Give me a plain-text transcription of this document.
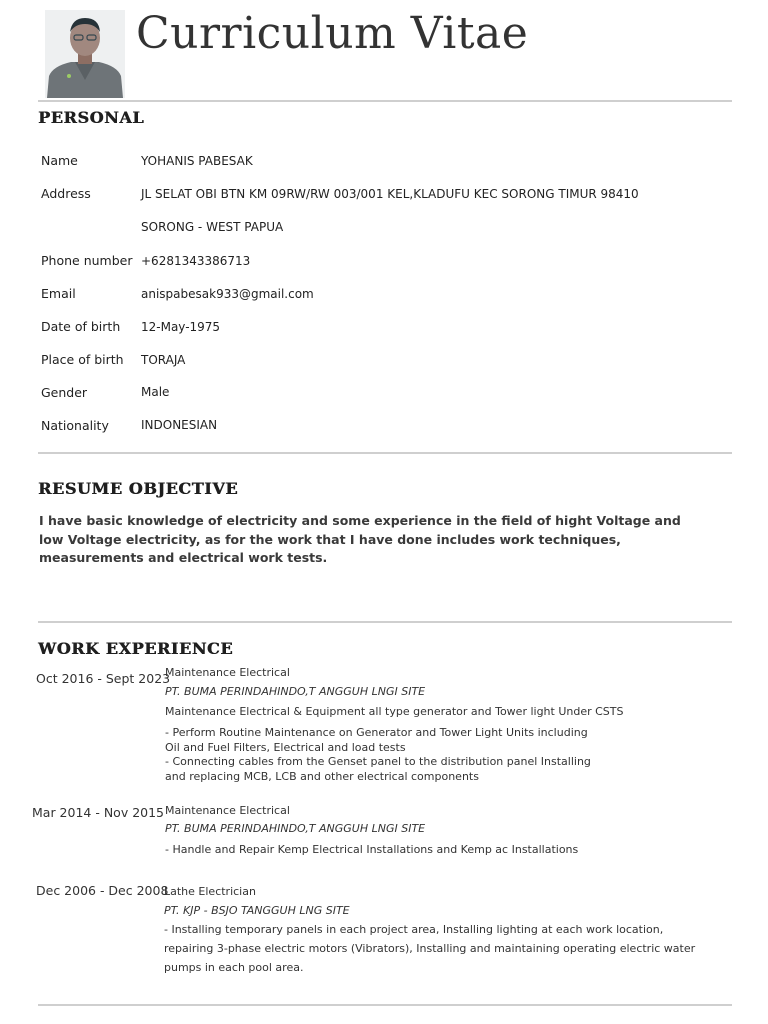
Curriculum Vitae
PERSONAL
Name	YOHANIS PABESAK
Address	JL SELAT OBI BTN KM 09RW/RW 003/001 KEL,KLADUFU KEC SORONG TIMUR 98410
SORONG - WEST PAPUA
Phone number +6281343386713
Email	anispabesak933@gmail.com
Date of birth 12-May-1975
Place of birth TORAJA
Gender	Male
Nationality	INDONESIAN
RESUME OBJECTIVE
I have basic knowledge of electricity and some experience in the field of hight Voltage and low Voltage electricity, as for the work that I have done includes work techniques, measurements and electrical work tests.
WORK EXPERIENCE
Oct 2016 - Sept 2023
Maintenance Electrical
PT. BUMA PERINDAHINDO,T ANGGUH LNGI SITE
Maintenance Electrical & Equipment all type generator and Tower light Under CSTS
- Perform Routine Maintenance on Generator and Tower Light Units including Oil and Fuel Filters, Electrical and load tests
- Connecting cables from the Genset panel to the distribution panel Installing and replacing MCB, LCB and other electrical components
Mar 2014 - Nov 2015 Maintenance Electrical
PT. BUMA PERINDAHINDO,T ANGGUH LNGI SITE
- Handle and Repair Kemp Electrical Installations and Kemp ac Installations
Dec 2006 - Dec 2008
Lathe Electrician
PT. KJP - BSJO TANGGUH LNG SITE
- Installing temporary panels in each project area, Installing lighting at each work location, repairing 3-phase electric motors (Vibrators), Installing and maintaining operating electric water pumps in each pool area.
